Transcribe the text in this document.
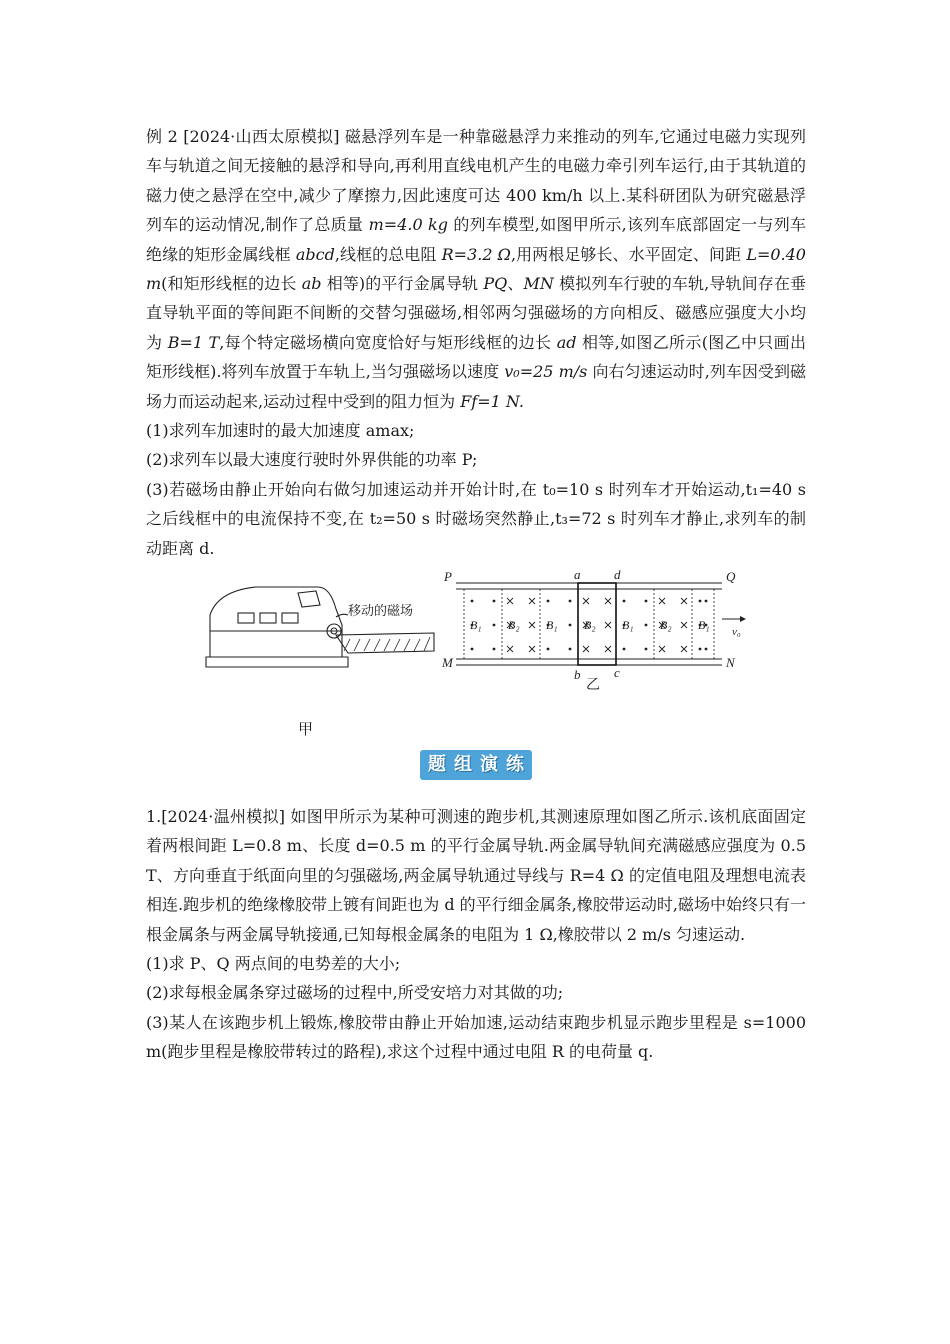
例 2 [2024·山西太原模拟] 磁悬浮列车是一种靠磁悬浮力来推动的列车,它通过电磁力实现列车与轨道之间无接触的悬浮和导向,再利用直线电机产生的电磁力牵引列车运行,由于其轨道的磁力使之悬浮在空中,减少了摩擦力,因此速度可达 400 km/h 以上.某科研团队为研究磁悬浮列车的运动情况,制作了总质量 m=4.0 kg 的列车模型,如图甲所示,该列车底部固定一与列车绝缘的矩形金属线框 abcd,线框的总电阻 R=3.2 Ω,用两根足够长、水平固定、间距 L=0.40 m(和矩形线框的边长 ab 相等)的平行金属导轨 PQ、MN 模拟列车行驶的车轨,导轨间存在垂直导轨平面的等间距不间断的交替匀强磁场,相邻两匀强磁场的方向相反、磁感应强度大小均为 B=1 T,每个特定磁场横向宽度恰好与矩形线框的边长 ad 相等,如图乙所示(图乙中只画出矩形线框).将列车放置于车轨上,当匀强磁场以速度 v₀=25 m/s 向右匀速运动时,列车因受到磁场力而运动起来,运动过程中受到的阻力恒为 Ff=1 N.

(1)求列车加速时的最大加速度 amax;

(2)求列车以最大速度行驶时外界供能的功率 P;

(3)若磁场由静止开始向右做匀加速运动并开始计时,在 t₀=10 s 时列车才开始运动,t₁=40 s 之后线框中的电流保持不变,在 t₂=50 s 时磁场突然静止,t₃=72 s 时列车才静止,求列车的制动距离 d.

移动的磁场
P	Q
M	N
a	d
b	c
v₀
B₁ B₂ B₁ B₂ B₁ B₂ B₁
乙
甲
题 组 演 练

1.[2024·温州模拟] 如图甲所示为某种可测速的跑步机,其测速原理如图乙所示.该机底面固定着两根间距 L=0.8 m、长度 d=0.5 m 的平行金属导轨.两金属导轨间充满磁感应强度为 0.5 T、方向垂直于纸面向里的匀强磁场,两金属导轨通过导线与 R=4 Ω 的定值电阻及理想电流表相连.跑步机的绝缘橡胶带上镀有间距也为 d 的平行细金属条,橡胶带运动时,磁场中始终只有一根金属条与两金属导轨接通,已知每根金属条的电阻为 1 Ω,橡胶带以 2 m/s 匀速运动.

(1)求 P、Q 两点间的电势差的大小;

(2)求每根金属条穿过磁场的过程中,所受安培力对其做的功;

(3)某人在该跑步机上锻炼,橡胶带由静止开始加速,运动结束跑步机显示跑步里程是 s=1000 m(跑步里程是橡胶带转过的路程),求这个过程中通过电阻 R 的电荷量 q.
